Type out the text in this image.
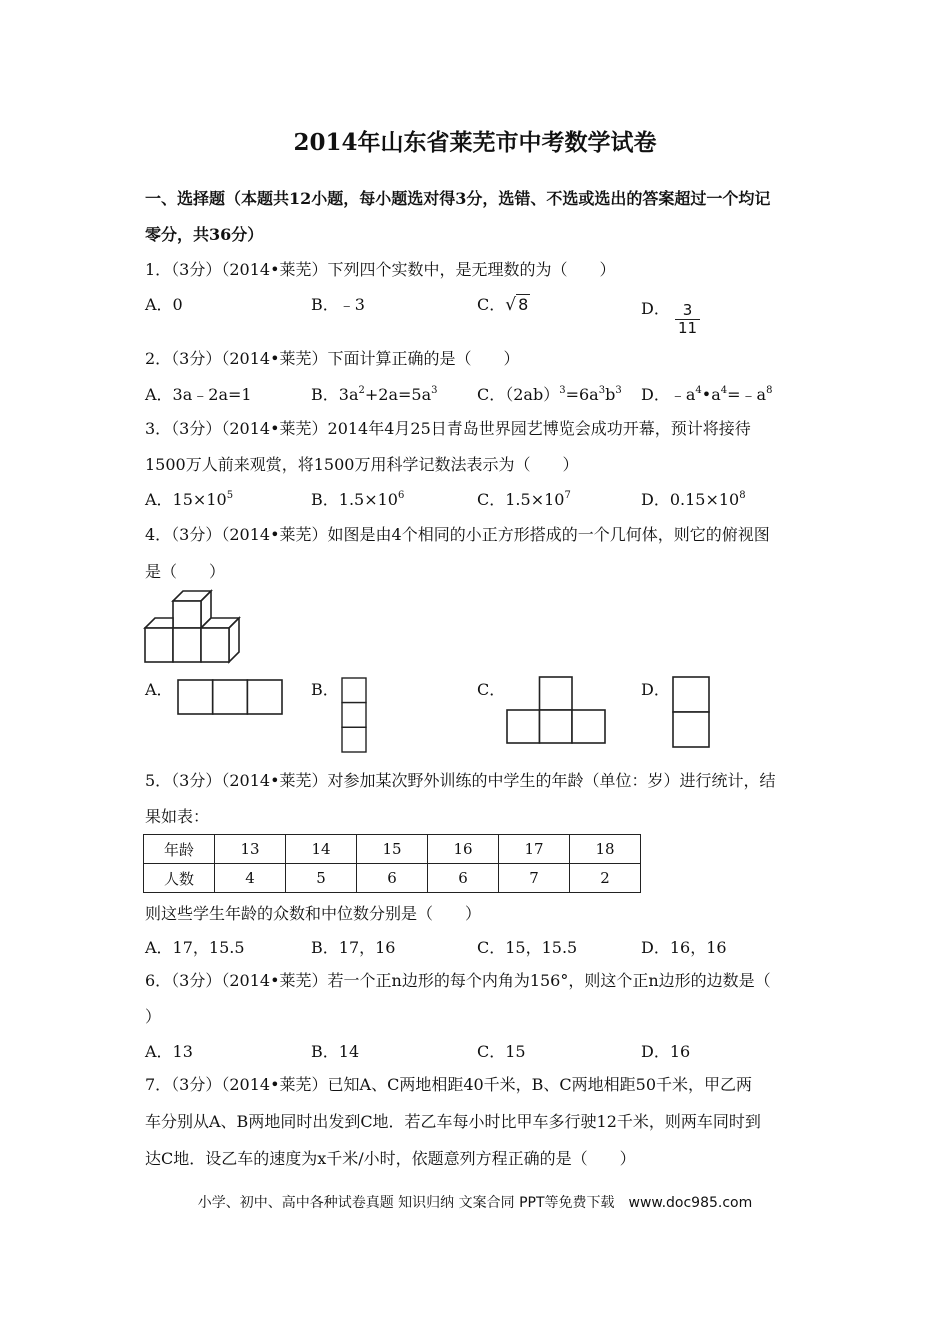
2014年山东省莱芜市中考数学试卷
一、选择题（本题共12小题，每小题选对得3分，选错、不选或选出的答案超过一个均记
零分，共36分）
1．（3分）（2014•莱芜）下列四个实数中，是无理数的为（　　）
A．0	B．﹣3	C．√ 8	D． $\frac{3}{11}$
2．（3分）（2014•莱芜）下面计算正确的是（　　）
A．3a﹣2a=1	B．$3a^2+2a=5a^3$ C．$(2ab)^3=6a^3b^3$ D．$﹣a^4•a^4=﹣a^8$
3．（3分）（2014•莱芜）2014年4月25日青岛世界园艺博览会成功开幕，预计将接待
1500万人前来观赏，将1500万用科学记数法表示为（　　）
A．$15\times 10^5$	B．$1.5\times 10^6$	C．$1.5\times 10^7$	D．$0.15\times 10^8$
4．（3分）（2014•莱芜）如图是由4个相同的小正方形搭成的一个几何体，则它的俯视图
是（　　）
A．	B．	C．	D．
5．（3分）（2014•莱芜）对参加某次野外训练的中学生的年龄（单位：岁）进行统计，结
果如表：
年龄	13	14	15	16	17	18
人数	4	5	6	6	7	2
则这些学生年龄的众数和中位数分别是（　　）
A．17，15.5	B．17，16	C．15，15.5	D．16，16
6．（3分）（2014•莱芜）若一个正n边形的每个内角为156°，则这个正n边形的边数是（
）
A．13	B．14	C．15	D．16
7．（3分）（2014•莱芜）已知A、C两地相距40千米，B、C两地相距50千米，甲乙两
车分别从A、B两地同时出发到C地．若乙车每小时比甲车多行驶12千米，则两车同时到
达C地．设乙车的速度为x千米/小时，依题意列方程正确的是（　　）
小学、初中、高中各种试卷真题 知识归纳 文案合同 PPT等免费下载　www.doc985.com
